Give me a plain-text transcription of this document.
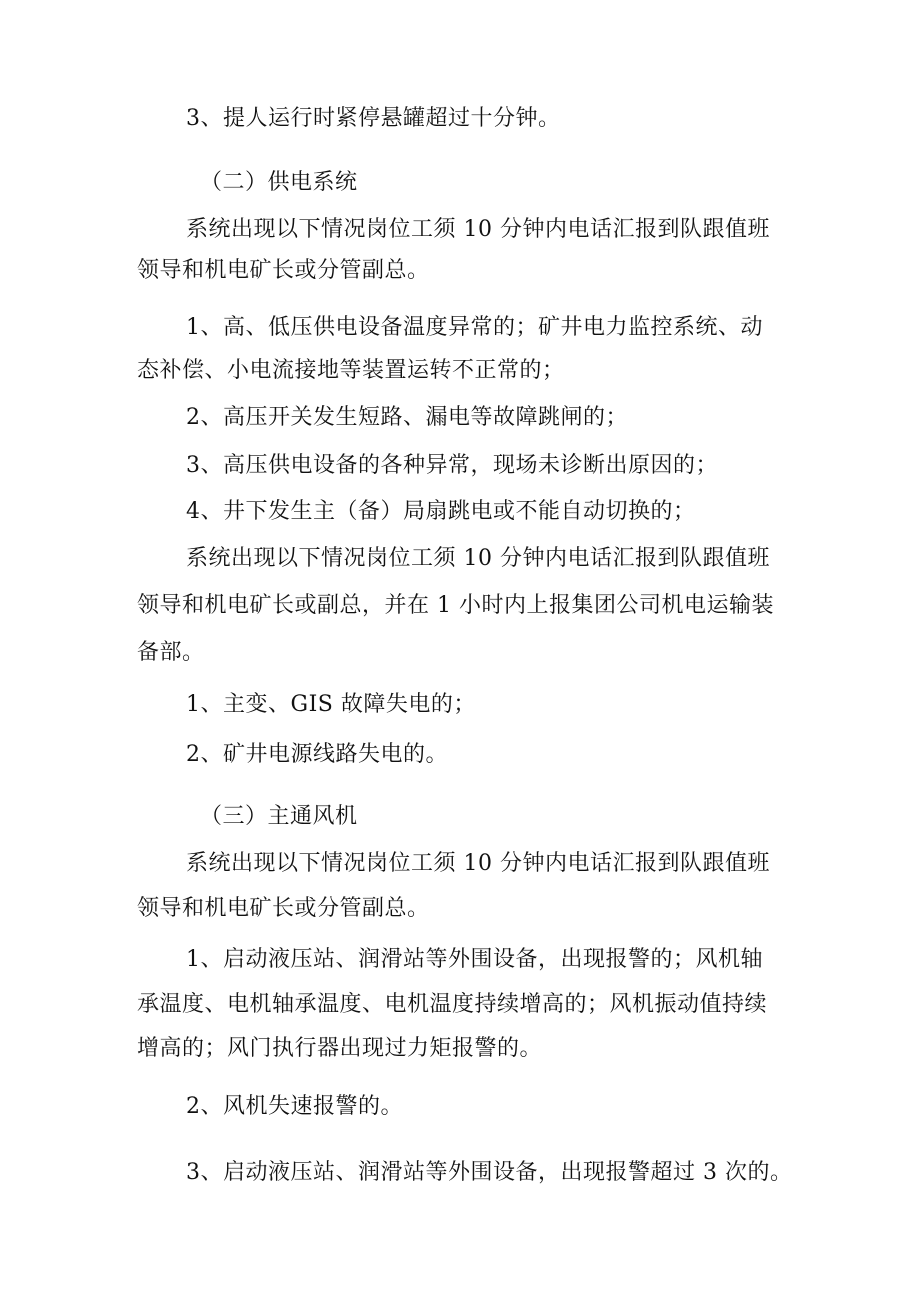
3、提人运行时紧停悬罐超过十分钟。
（二）供电系统
系统出现以下情况岗位工须 10 分钟内电话汇报到队跟值班
领导和机电矿长或分管副总。
1、高、低压供电设备温度异常的；矿井电力监控系统、动
态补偿、小电流接地等装置运转不正常的；
2、高压开关发生短路、漏电等故障跳闸的；
3、高压供电设备的各种异常，现场未诊断出原因的；
4、井下发生主（备）局扇跳电或不能自动切换的；
系统出现以下情况岗位工须 10 分钟内电话汇报到队跟值班
领导和机电矿长或副总，并在 1 小时内上报集团公司机电运输装
备部。
1、主变、GIS 故障失电的；
2、矿井电源线路失电的。
（三）主通风机
系统出现以下情况岗位工须 10 分钟内电话汇报到队跟值班
领导和机电矿长或分管副总。
1、启动液压站、润滑站等外围设备，出现报警的；风机轴
承温度、电机轴承温度、电机温度持续增高的；风机振动值持续
增高的；风门执行器出现过力矩报警的。
2、风机失速报警的。
3、启动液压站、润滑站等外围设备，出现报警超过 3 次的。
